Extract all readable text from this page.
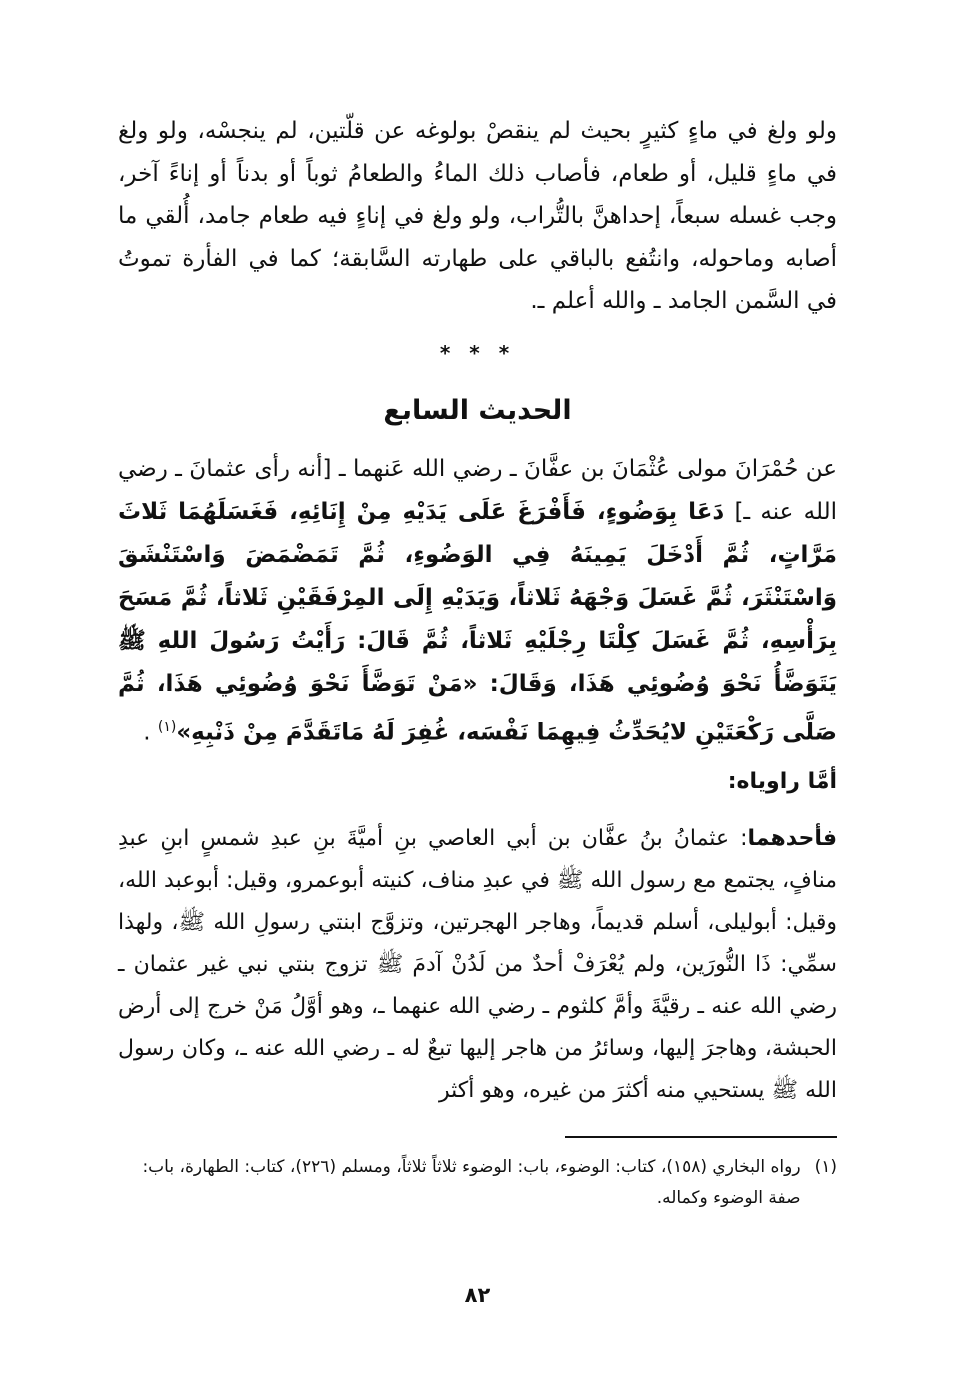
ولو ولغ في ماءٍ كثيرٍ بحيث لم ينقصْ بولوغه عن قلّتين، لم ينجسْه، ولو ولغ في ماءٍ قليل، أو طعام، فأصاب ذلك الماءُ والطعامُ ثوباً أو بدناً أو إناءً آخر، وجب غسله سبعاً، إحداهنَّ بالتُّراب، ولو ولغ في إناءٍ فيه طعام جامد، أُلقي ما أصابه وماحوله، وانتُفع بالباقي على طهارته السَّابقة؛ كما في الفأرة تموتُ في السَّمن الجامد ـ والله أعلم ـ.

* * *
الحديث السابع

عن حُمْرَانَ مولى عُثْمَانَ بن عفَّانَ ـ رضي الله عَنهما ـ [أنه رأى عثمانَ ـ رضي الله عنه ـ] دَعَا بِوَضُوءٍ، فَأَفْرَغَ عَلَى يَدَيْهِ مِنْ إِنَائِهِ، فَغَسَلَهُمَا ثَلاثَ مَرَّاتٍ، ثُمَّ أَدْخَلَ يَمِينَهُ فِي الوَضُوءِ، ثُمَّ تَمَضْمَضَ وَاسْتَنْشَقَ وَاسْتَنْثَرَ، ثُمَّ غَسَلَ وَجْهَهُ ثَلاثاً، وَيَدَيْهِ إِلَى المِرْفَقَيْنِ ثَلاثاً، ثُمَّ مَسَحَ بِرَأْسِهِ، ثُمَّ غَسَلَ كِلْتَا رِجْلَيْهِ ثَلاثاً، ثُمَّ قَالَ: رَأَيْتُ رَسُولَ اللهِ ﷺ يَتَوَضَّأُ نَحْوَ وُضُوئِي هَذَا، وَقَالَ: «مَنْ تَوَضَّأَ نَحْوَ وُضُوئِي هَذَا، ثُمَّ صَلَّى رَكْعَتَيْنِ لايُحَدِّثُ فِيهِمَا نَفْسَه، غُفِرَ لَهُ مَاتَقَدَّمَ مِنْ ذَنْبِهِ»$^{(١)}$ .

أمَّا راوياه:

فأحدهما: عثمانُ بنُ عفَّان بن أبي العاصي بنِ أميَّةَ بنِ عبدِ شمسٍ ابنِ عبدِ منافٍ، يجتمع مع رسول الله ﷺ في عبدِ مناف، كنيته أبوعمرو، وقيل: أبوعبد الله، وقيل: أبوليلى، أسلم قديماً، وهاجر الهجرتين، وتزوَّج ابنتي رسولِ الله ﷺ، ولهذا سمِّي: ذَا النُّورَين، ولم يُعْرَفْ أحدٌ من لَدُنْ آدمَ ﷺ تزوج بنتي نبي غير عثمان ـ رضي الله عنه ـ رقيَّةَ وأمَّ كلثوم ـ رضي الله عنهما ـ، وهو أوَّلُ مَنْ خرج إلى أرض الحبشة، وهاجرَ إليها، وسائرُ من هاجر إليها تبعٌ له ـ رضي الله عنه ـ، وكان رسول الله ﷺ يستحيي منه أكثرَ من غيره، وهو أكثر

(١)
رواه البخاري (١٥٨)، كتاب: الوضوء، باب: الوضوء ثلاثاً ثلاثاً، ومسلم (٢٢٦)، كتاب: الطهارة، باب: صفة الوضوء وكماله.

٨٢
